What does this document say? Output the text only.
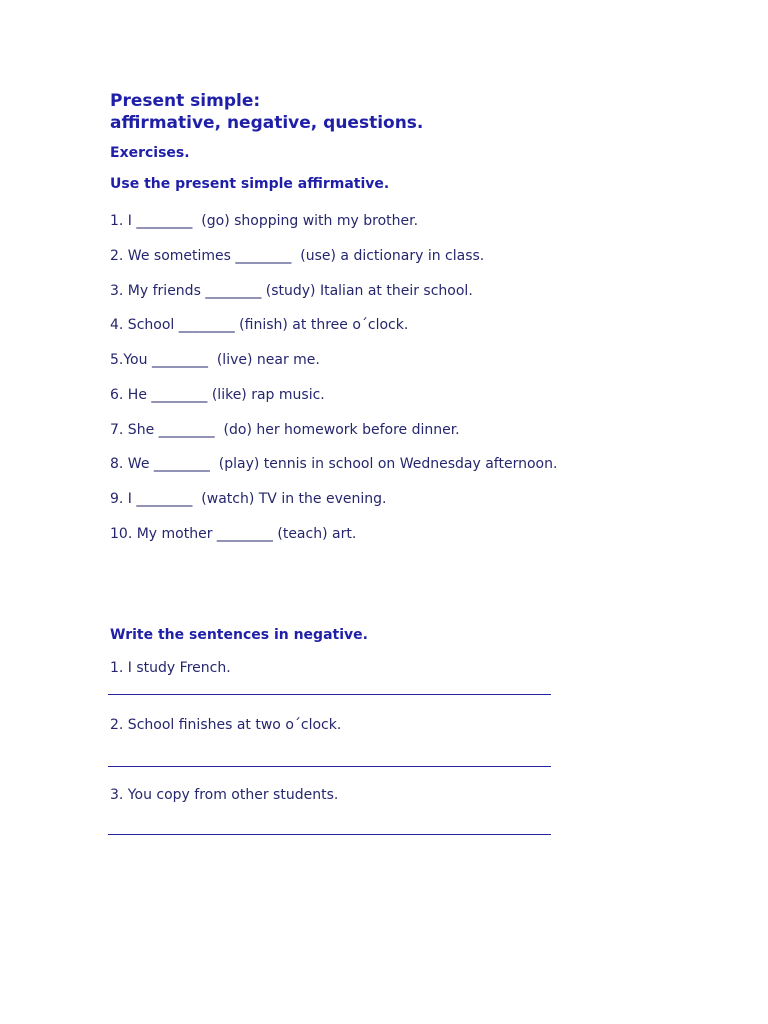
Present simple:
affirmative, negative, questions.
Exercises.
Use the present simple affirmative.
1. I ________  (go) shopping with my brother.
2. We sometimes ________  (use) a dictionary in class.
3. My friends ________ (study) Italian at their school.
4. School ________ (finish) at three o´clock.
5.You ________  (live) near me.
6. He ________ (like) rap music.
7. She ________  (do) her homework before dinner.
8. We ________  (play) tennis in school on Wednesday afternoon.
9. I ________  (watch) TV in the evening.
10. My mother ________ (teach) art.
Write the sentences in negative.
1. I study French.
2. School finishes at two o´clock.
3. You copy from other students.
